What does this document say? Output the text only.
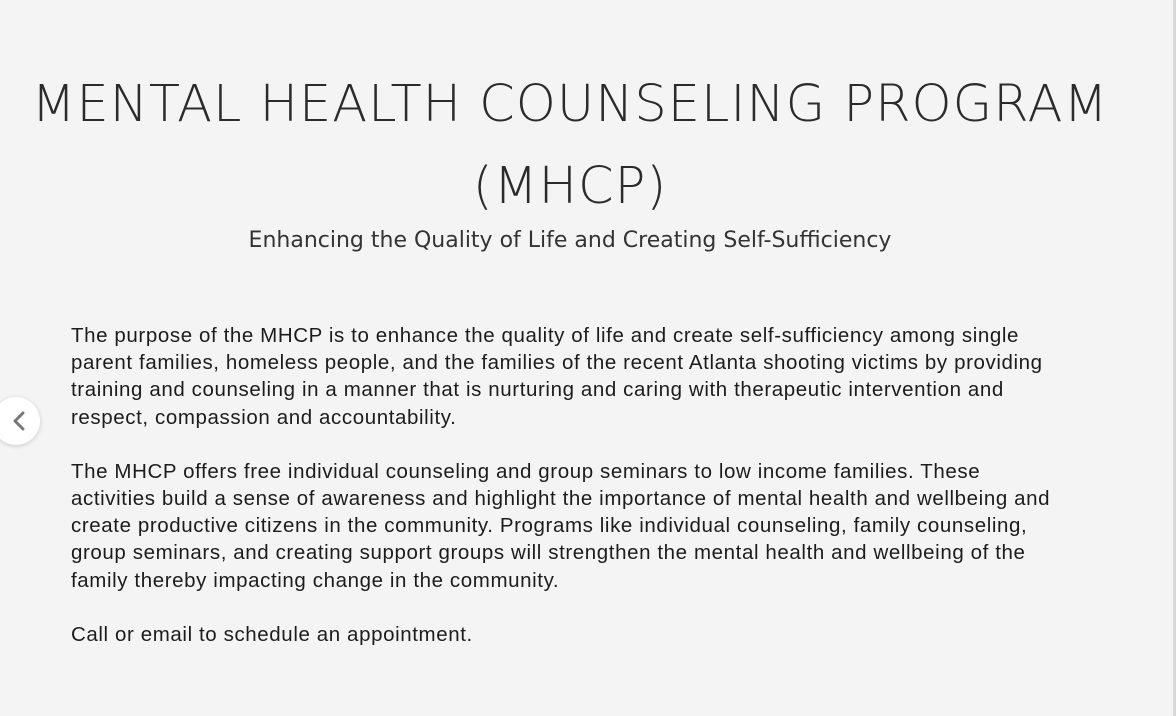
MENTAL HEALTH COUNSELING PROGRAM (MHCP)
Enhancing the Quality of Life and Creating Self-Sufficiency

The purpose of the MHCP is to enhance the quality of life and create self-sufficiency among single parent families, homeless people, and the families of the recent Atlanta shooting victims by providing training and counseling in a manner that is nurturing and caring with therapeutic intervention and respect, compassion and accountability.

The MHCP offers free individual counseling and group seminars to low income families. These activities build a sense of awareness and highlight the importance of mental health and wellbeing and create productive citizens in the community. Programs like individual counseling, family counseling, group seminars, and creating support groups will strengthen the mental health and wellbeing of the family thereby impacting change in the community.

Call or email to schedule an appointment.
